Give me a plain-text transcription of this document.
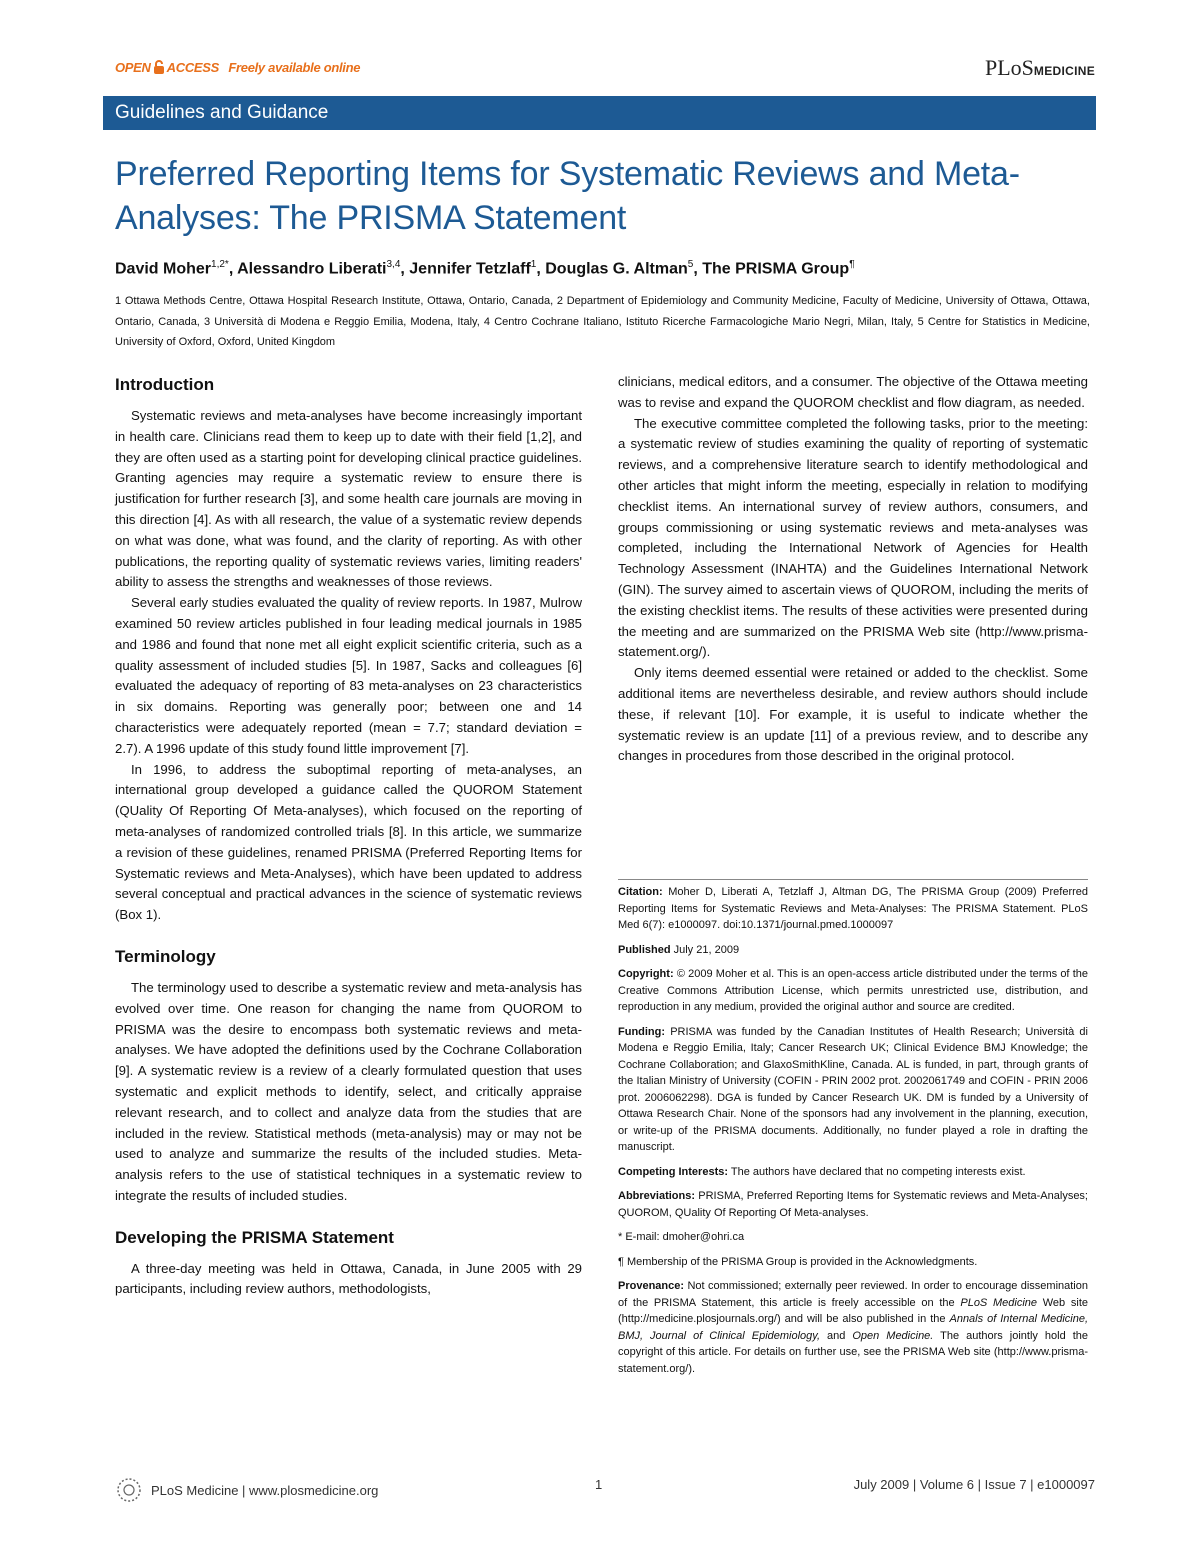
OPEN ACCESS Freely available online	PLoSMEDICINE
Guidelines and Guidance
Preferred Reporting Items for Systematic Reviews and Meta-Analyses: The PRISMA Statement
David Moher$^{1,2*}$, Alessandro Liberati$^{3,4}$, Jennifer Tetzlaff$^1$, Douglas G. Altman$^5$, The PRISMA Group¶
1 Ottawa Methods Centre, Ottawa Hospital Research Institute, Ottawa, Ontario, Canada, 2 Department of Epidemiology and Community Medicine, Faculty of Medicine, University of Ottawa, Ottawa, Ontario, Canada, 3 Università di Modena e Reggio Emilia, Modena, Italy, 4 Centro Cochrane Italiano, Istituto Ricerche Farmacologiche Mario Negri, Milan, Italy, 5 Centre for Statistics in Medicine, University of Oxford, Oxford, United Kingdom
Introduction

Systematic reviews and meta-analyses have become increasingly important in health care. Clinicians read them to keep up to date with their field [1,2], and they are often used as a starting point for developing clinical practice guidelines. Granting agencies may require a systematic review to ensure there is justification for further research [3], and some health care journals are moving in this direction [4]. As with all research, the value of a systematic review depends on what was done, what was found, and the clarity of reporting. As with other publications, the reporting quality of systematic reviews varies, limiting readers' ability to assess the strengths and weaknesses of those reviews.

Several early studies evaluated the quality of review reports. In 1987, Mulrow examined 50 review articles published in four leading medical journals in 1985 and 1986 and found that none met all eight explicit scientific criteria, such as a quality assessment of included studies [5]. In 1987, Sacks and colleagues [6] evaluated the adequacy of reporting of 83 meta-analyses on 23 characteristics in six domains. Reporting was generally poor; between one and 14 characteristics were adequately reported (mean = 7.7; standard deviation = 2.7). A 1996 update of this study found little improvement [7].

In 1996, to address the suboptimal reporting of meta-analyses, an international group developed a guidance called the QUOROM Statement (QUality Of Reporting Of Meta-analyses), which focused on the reporting of meta-analyses of randomized controlled trials [8]. In this article, we summarize a revision of these guidelines, renamed PRISMA (Preferred Reporting Items for Systematic reviews and Meta-Analyses), which have been updated to address several conceptual and practical advances in the science of systematic reviews (Box 1).

Terminology

The terminology used to describe a systematic review and meta-analysis has evolved over time. One reason for changing the name from QUOROM to PRISMA was the desire to encompass both systematic reviews and meta-analyses. We have adopted the definitions used by the Cochrane Collaboration [9]. A systematic review is a review of a clearly formulated question that uses systematic and explicit methods to identify, select, and critically appraise relevant research, and to collect and analyze data from the studies that are included in the review. Statistical methods (meta-analysis) may or may not be used to analyze and summarize the results of the included studies. Meta-analysis refers to the use of statistical techniques in a systematic review to integrate the results of included studies.

Developing the PRISMA Statement

A three-day meeting was held in Ottawa, Canada, in June 2005 with 29 participants, including review authors, methodologists,

clinicians, medical editors, and a consumer. The objective of the Ottawa meeting was to revise and expand the QUOROM checklist and flow diagram, as needed.

The executive committee completed the following tasks, prior to the meeting: a systematic review of studies examining the quality of reporting of systematic reviews, and a comprehensive literature search to identify methodological and other articles that might inform the meeting, especially in relation to modifying checklist items. An international survey of review authors, consumers, and groups commissioning or using systematic reviews and meta-analyses was completed, including the International Network of Agencies for Health Technology Assessment (INAHTA) and the Guidelines International Network (GIN). The survey aimed to ascertain views of QUOROM, including the merits of the existing checklist items. The results of these activities were presented during the meeting and are summarized on the PRISMA Web site (http://www.prisma-statement.org/).

Only items deemed essential were retained or added to the checklist. Some additional items are nevertheless desirable, and review authors should include these, if relevant [10]. For example, it is useful to indicate whether the systematic review is an update [11] of a previous review, and to describe any changes in procedures from those described in the original protocol.

Citation: Moher D, Liberati A, Tetzlaff J, Altman DG, The PRISMA Group (2009) Preferred Reporting Items for Systematic Reviews and Meta-Analyses: The PRISMA Statement. PLoS Med 6(7): e1000097. doi:10.1371/journal.pmed.1000097

Published July 21, 2009

Copyright: © 2009 Moher et al. This is an open-access article distributed under the terms of the Creative Commons Attribution License, which permits unrestricted use, distribution, and reproduction in any medium, provided the original author and source are credited.

Funding: PRISMA was funded by the Canadian Institutes of Health Research; Università di Modena e Reggio Emilia, Italy; Cancer Research UK; Clinical Evidence BMJ Knowledge; the Cochrane Collaboration; and GlaxoSmithKline, Canada. AL is funded, in part, through grants of the Italian Ministry of University (COFIN - PRIN 2002 prot. 2002061749 and COFIN - PRIN 2006 prot. 2006062298). DGA is funded by Cancer Research UK. DM is funded by a University of Ottawa Research Chair. None of the sponsors had any involvement in the planning, execution, or write-up of the PRISMA documents. Additionally, no funder played a role in drafting the manuscript.

Competing Interests: The authors have declared that no competing interests exist.

Abbreviations: PRISMA, Preferred Reporting Items for Systematic reviews and Meta-Analyses; QUOROM, QUality Of Reporting Of Meta-analyses.

* E-mail: dmoher@ohri.ca

¶ Membership of the PRISMA Group is provided in the Acknowledgments.

Provenance: Not commissioned; externally peer reviewed. In order to encourage dissemination of the PRISMA Statement, this article is freely accessible on the PLoS Medicine Web site (http://medicine.plosjournals.org/) and will be also published in the Annals of Internal Medicine, BMJ, Journal of Clinical Epidemiology, and Open Medicine. The authors jointly hold the copyright of this article. For details on further use, see the PRISMA Web site (http://www.prisma-statement.org/).

PLoS Medicine | www.plosmedicine.org	1	July 2009 | Volume 6 | Issue 7 | e1000097
